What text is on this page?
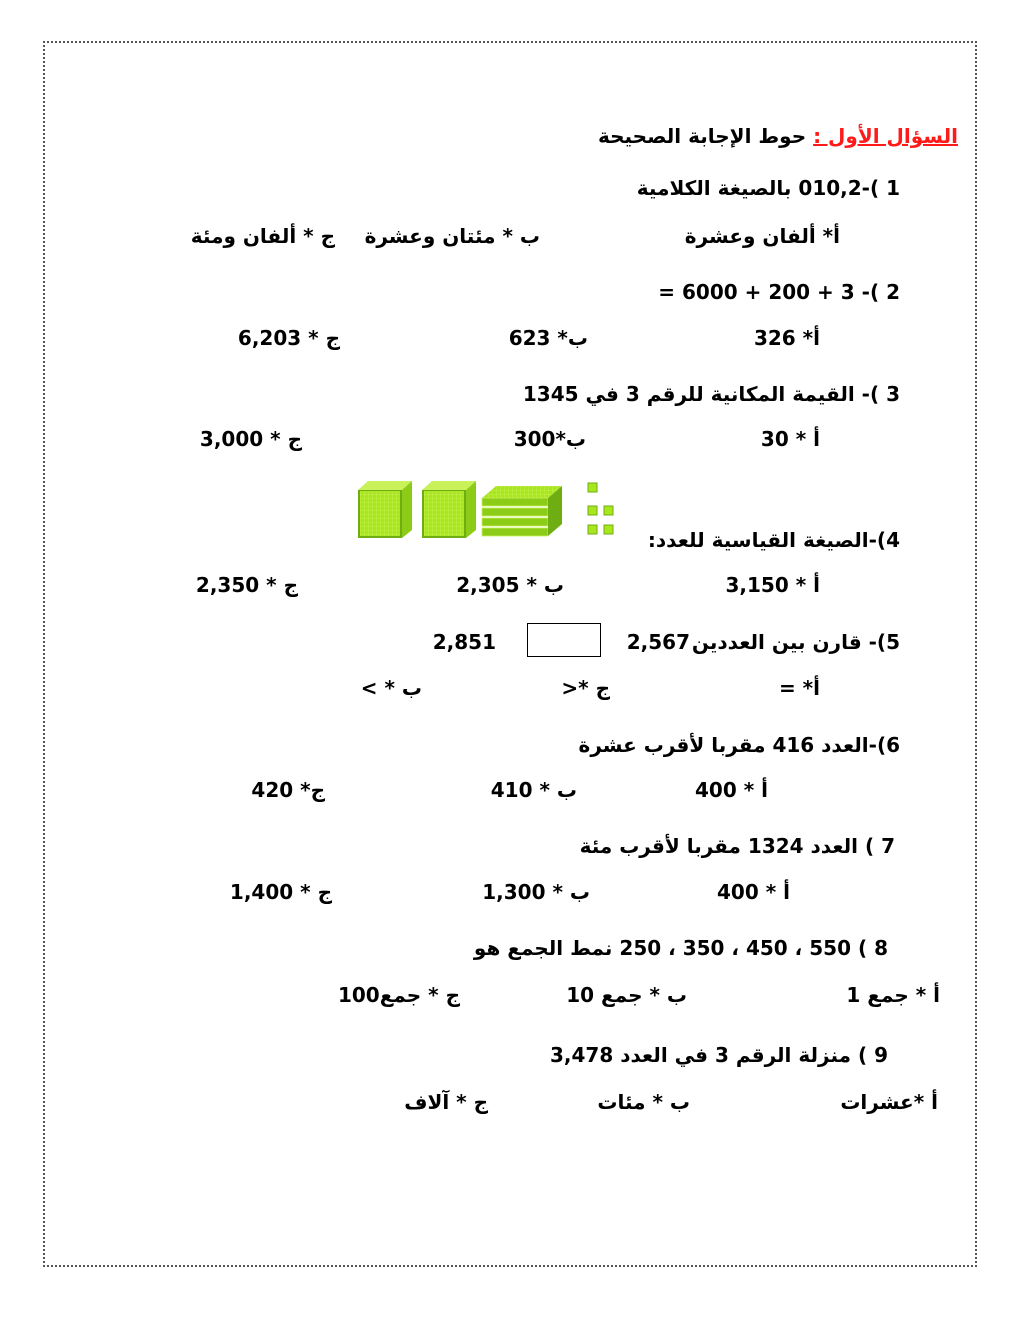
السؤال الأول : حوط الإجابة الصحيحة
1 )-010,2 بالصيغة الكلامية
أ* ألفان وعشرة
ب * مئتان وعشرة
ج * ألفان ومئة
2 )- 3 + 200 + 6000 =
أ* 326
ب* 623
ج * 6,203
3 )- القيمة المكانية للرقم 3 في 1345
أ * 30
ب*300
ج * 3,000
4)-الصيغة القياسية للعدد:
أ * 3,150
ب * 2,305
ج * 2,350
5)- قارن بين العددين
2,567
2,851
أ* =
ج *<
ب * >
6)-العدد 416 مقربا لأقرب عشرة
أ * 400
ب * 410
ج* 420
7 ) العدد 1324 مقربا لأقرب مئة
أ * 400
ب * 1,300
ج * 1,400
8 ) 550 ، 450 ، 350 ، 250 نمط الجمع هو
أ * جمع 1
ب * جمع 10
ج * جمع100
9 ) منزلة الرقم 3 في العدد 3,478
أ *عشرات
ب * مئات
ج * آلاف
